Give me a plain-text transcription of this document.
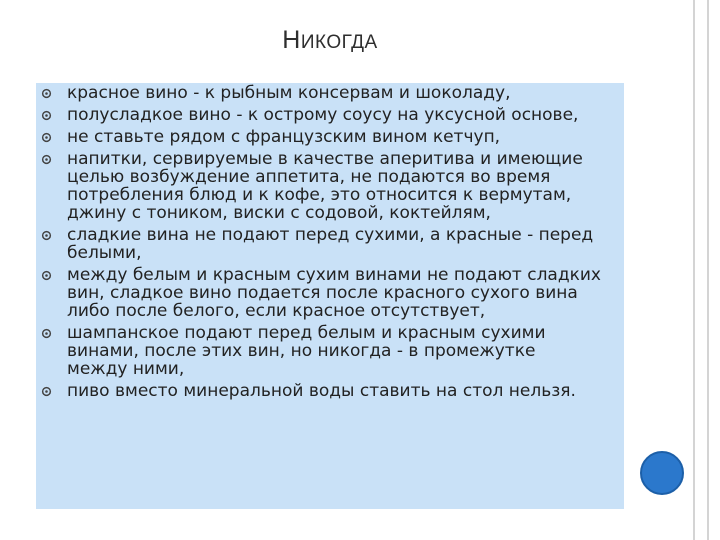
НИКОГДА
красное вино - к рыбным консервам и шоколаду,
полусладкое вино - к острому соусу на уксусной основе,
не ставьте рядом с французским вином кетчуп,
напитки, сервируемые в качестве аперитива и имеющие целью возбуждение аппетита, не подаются во время потребления блюд и к кофе, это относится к вермутам, джину с тоником, виски с содовой, коктейлям,
сладкие вина не подают перед сухими, а красные - перед белыми,
между белым и красным сухим винами не подают сладких вин, сладкое вино подается после красного сухого вина либо после белого, если красное отсутствует,
шампанское подают перед белым и красным сухими винами, после этих вин, но никогда - в промежутке между ними,
пиво вместо минеральной воды ставить на стол нельзя.
